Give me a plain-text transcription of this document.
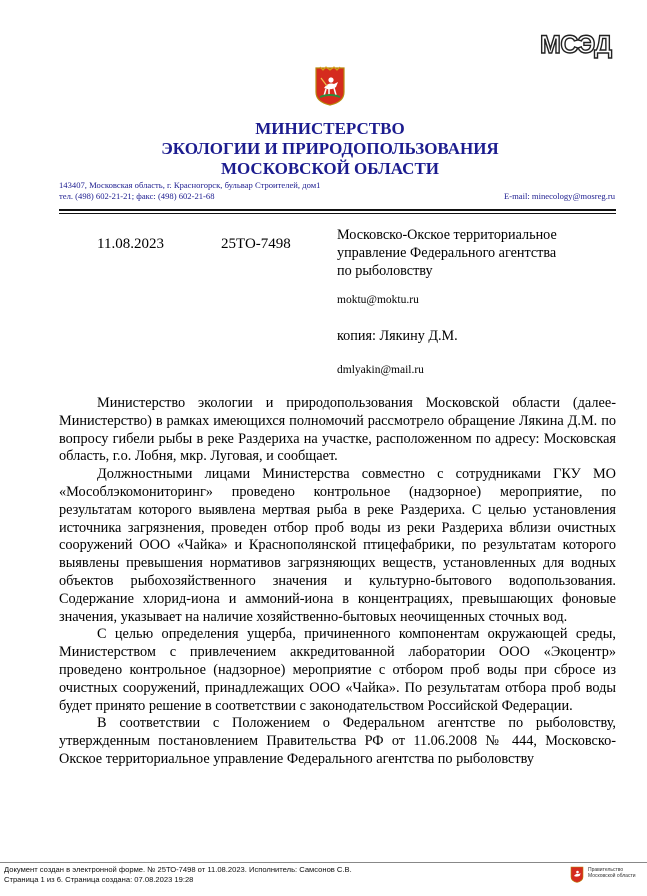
МСЭД
МИНИСТЕРСТВО
ЭКОЛОГИИ И ПРИРОДОПОЛЬЗОВАНИЯ
МОСКОВСКОЙ ОБЛАСТИ
143407, Московская область, г. Красногорск, бульвар Строителей, дом1
тел. (498) 602-21-21; факс: (498) 602-21-68	E-mail: minecology@mosreg.ru
11.08.2023	25ТО-7498
Московско-Окское территориальное
управление Федерального агентства
по рыболовству
moktu@moktu.ru
копия: Лякину Д.М.
dmlyakin@mail.ru

Министерство экологии и природопользования Московской области (далее-Министерство) в рамках имеющихся полномочий рассмотрело обращение Лякина Д.М. по вопросу гибели рыбы в реке Раздериха на участке, расположенном по адресу: Московская область, г.о. Лобня, мкр. Луговая, и сообщает.

Должностными лицами Министерства совместно с сотрудниками ГКУ МО «Мособлэкомониторинг» проведено контрольное (надзорное) мероприятие, по результатам которого выявлена мертвая рыба в реке Раздериха. С целью установления источника загрязнения, проведен отбор проб воды из реки Раздериха вблизи очистных сооружений ООО «Чайка» и Краснополянской птицефабрики, по результатам которого выявлены превышения нормативов загрязняющих веществ, установленных для водных объектов рыбохозяйственного значения и культурно-бытового водопользования. Содержание хлорид-иона и аммоний-иона в концентрациях, превышающих фоновые значения, указывает на наличие хозяйственно-бытовых неочищенных сточных вод.

С целью определения ущерба, причиненного компонентам окружающей среды, Министерством с привлечением аккредитованной лаборатории ООО «Экоцентр» проведено контрольное (надзорное) мероприятие с отбором проб воды при сбросе из очистных сооружений, принадлежащих ООО «Чайка». По результатам отбора проб воды будет принято решение в соответствии с законодательством Российской Федерации.

В соответствии с Положением о Федеральном агентстве по рыболовству, утвержденным постановлением Правительства РФ от 11.06.2008 № 444, Московско-Окское территориальное управление Федерального агентства по рыболовству

Документ создан в электронной форме. № 25ТО-7498 от 11.08.2023. Исполнитель: Самсонов С.В.
Страница 1 из 6. Страница создана: 07.08.2023 19:28
Правительство
Московской области
